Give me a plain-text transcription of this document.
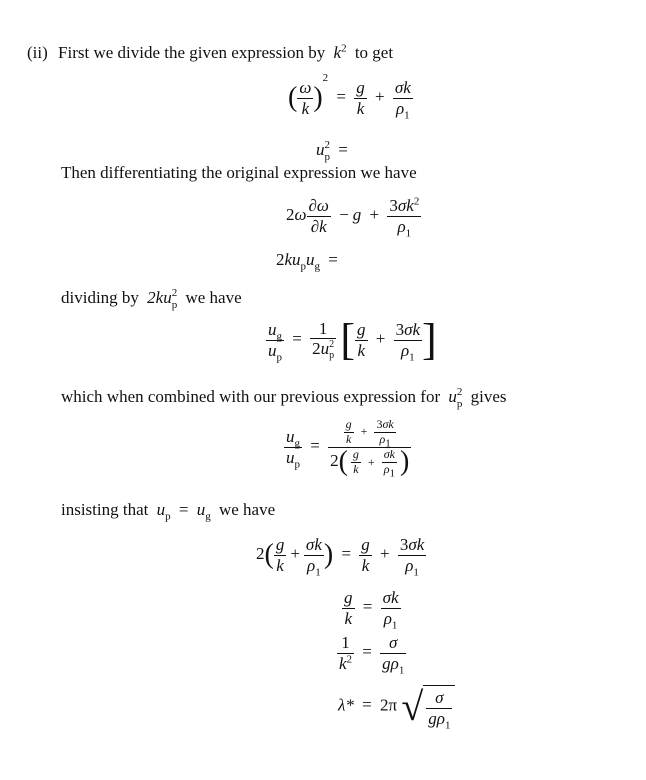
(ii) First we divide the given expression by $k^2$ to get
( $\frac{\omega}{k} )^2 = \frac{g}{k} + \frac{\sigma k}{\rho_1}$
u 2
p =
Then differentiating the original expression we have
$2\omega \frac{\partial\omega}{\partial k} - g + \frac{3\sigma k^2}{\rho_1}$
$2ku_pu_g$ =
dividing by 2ku 2
p we have
$\frac{u_g}{u_p} = 1$
2u 2
p [ $\frac{g}{k} + \frac{3\sigma k}{\rho_1}$ ]
which when combined with our previous expression for u 2
p gives
$\frac{u_g}{u_p} = \frac{\frac{g}{k} + \frac{3\sigma k}{\rho_1}}{2( \frac{g}{k} + \frac{\sigma k}{\rho_1} )}$
insisting that $u_p = u_g$ we have
$2( \frac{g}{k} + \frac{\sigma k}{\rho_1}$ ) = $\frac{g}{k} + \frac{3\sigma k}{\rho_1}$
$\frac{g}{k} = \frac{\sigma k}{\rho_1}$
$\frac{1}{k^2} = \frac{\sigma}{g\rho_1}$
λ* = 2π √ $\frac{\sigma}{g\rho_1}$
